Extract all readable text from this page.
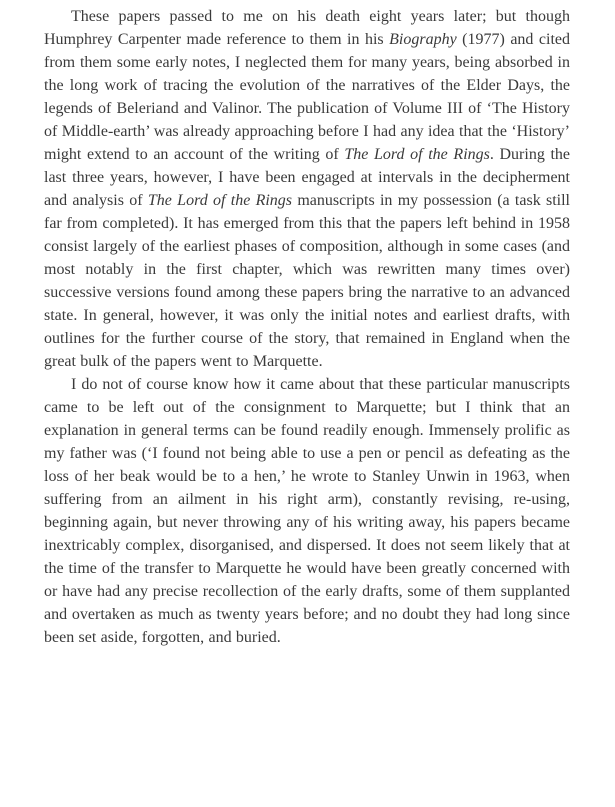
These papers passed to me on his death eight years later; but though Humphrey Carpenter made reference to them in his Biography (1977) and cited from them some early notes, I neglected them for many years, being absorbed in the long work of tracing the evolution of the narratives of the Elder Days, the legends of Beleriand and Valinor. The publication of Volume III of ‘The History of Middle-earth’ was already approaching before I had any idea that the ‘History’ might extend to an account of the writing of The Lord of the Rings. During the last three years, however, I have been engaged at intervals in the decipherment and analysis of The Lord of the Rings manuscripts in my possession (a task still far from completed). It has emerged from this that the papers left behind in 1958 consist largely of the earliest phases of composition, although in some cases (and most notably in the first chapter, which was rewritten many times over) successive versions found among these papers bring the narrative to an advanced state. In general, however, it was only the initial notes and earliest drafts, with outlines for the further course of the story, that remained in England when the great bulk of the papers went to Marquette.

I do not of course know how it came about that these particular manuscripts came to be left out of the consignment to Marquette; but I think that an explanation in general terms can be found readily enough. Immensely prolific as my father was (‘I found not being able to use a pen or pencil as defeating as the loss of her beak would be to a hen,’ he wrote to Stanley Unwin in 1963, when suffering from an ailment in his right arm), constantly revising, re-using, beginning again, but never throwing any of his writing away, his papers became inextricably complex, disorganised, and dispersed. It does not seem likely that at the time of the transfer to Marquette he would have been greatly concerned with or have had any precise recollection of the early drafts, some of them supplanted and overtaken as much as twenty years before; and no doubt they had long since been set aside, forgotten, and buried.
